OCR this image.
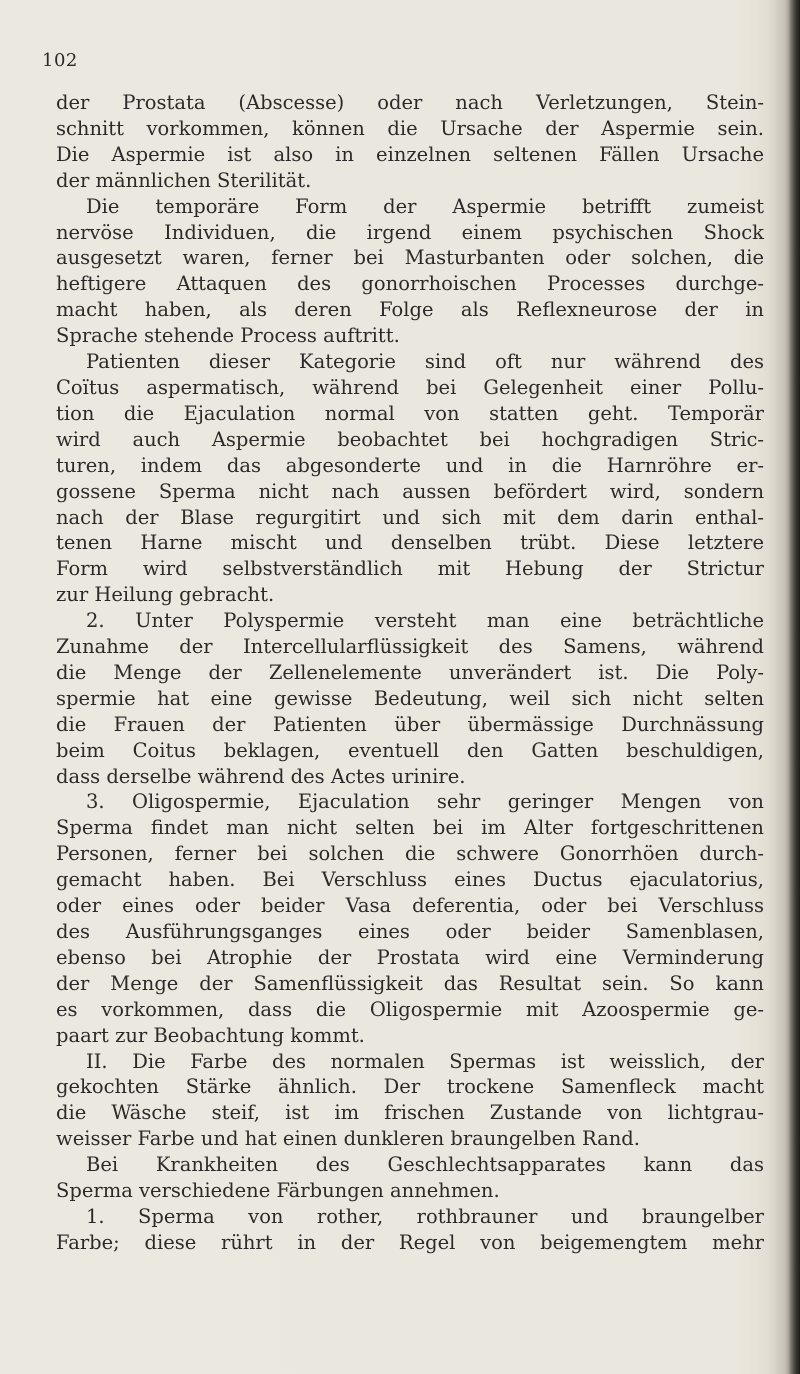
102

der Prostata (Abscesse) oder nach Verletzungen, Stein-
schnitt vorkommen, können die Ursache der Aspermie sein.
Die Aspermie ist also in einzelnen seltenen Fällen Ursache
der männlichen Sterilität.

Die temporäre Form der Aspermie betrifft zumeist
nervöse Individuen, die irgend einem psychischen Shock
ausgesetzt waren, ferner bei Masturbanten oder solchen, die
heftigere Attaquen des gonorrhoischen Processes durchge-
macht haben, als deren Folge als Reflexneurose der in
Sprache stehende Process auftritt.

Patienten dieser Kategorie sind oft nur während des
Coïtus aspermatisch, während bei Gelegenheit einer Pollu-
tion die Ejaculation normal von statten geht. Temporär
wird auch Aspermie beobachtet bei hochgradigen Stric-
turen, indem das abgesonderte und in die Harnröhre er-
gossene Sperma nicht nach aussen befördert wird, sondern
nach der Blase regurgitirt und sich mit dem darin enthal-
tenen Harne mischt und denselben trübt. Diese letztere
Form wird selbstverständlich mit Hebung der Strictur
zur Heilung gebracht.

2. Unter Polyspermie versteht man eine beträchtliche
Zunahme der Intercellularflüssigkeit des Samens, während
die Menge der Zellenelemente unverändert ist. Die Poly-
spermie hat eine gewisse Bedeutung, weil sich nicht selten
die Frauen der Patienten über übermässige Durchnässung
beim Coitus beklagen, eventuell den Gatten beschuldigen,
dass derselbe während des Actes urinire.

3. Oligospermie, Ejaculation sehr geringer Mengen von
Sperma findet man nicht selten bei im Alter fortgeschrittenen
Personen, ferner bei solchen die schwere Gonorrhöen durch-
gemacht haben. Bei Verschluss eines Ductus ejaculatorius,
oder eines oder beider Vasa deferentia, oder bei Verschluss
des Ausführungsganges eines oder beider Samenblasen,
ebenso bei Atrophie der Prostata wird eine Verminderung
der Menge der Samenflüssigkeit das Resultat sein. So kann
es vorkommen, dass die Oligospermie mit Azoospermie ge-
paart zur Beobachtung kommt.

II. Die Farbe des normalen Spermas ist weisslich, der
gekochten Stärke ähnlich. Der trockene Samenfleck macht
die Wäsche steif, ist im frischen Zustande von lichtgrau-
weisser Farbe und hat einen dunkleren braungelben Rand.

Bei Krankheiten des Geschlechtsapparates kann das
Sperma verschiedene Färbungen annehmen.

1. Sperma von rother, rothbrauner und braungelber
Farbe; diese rührt in der Regel von beigemengtem mehr
